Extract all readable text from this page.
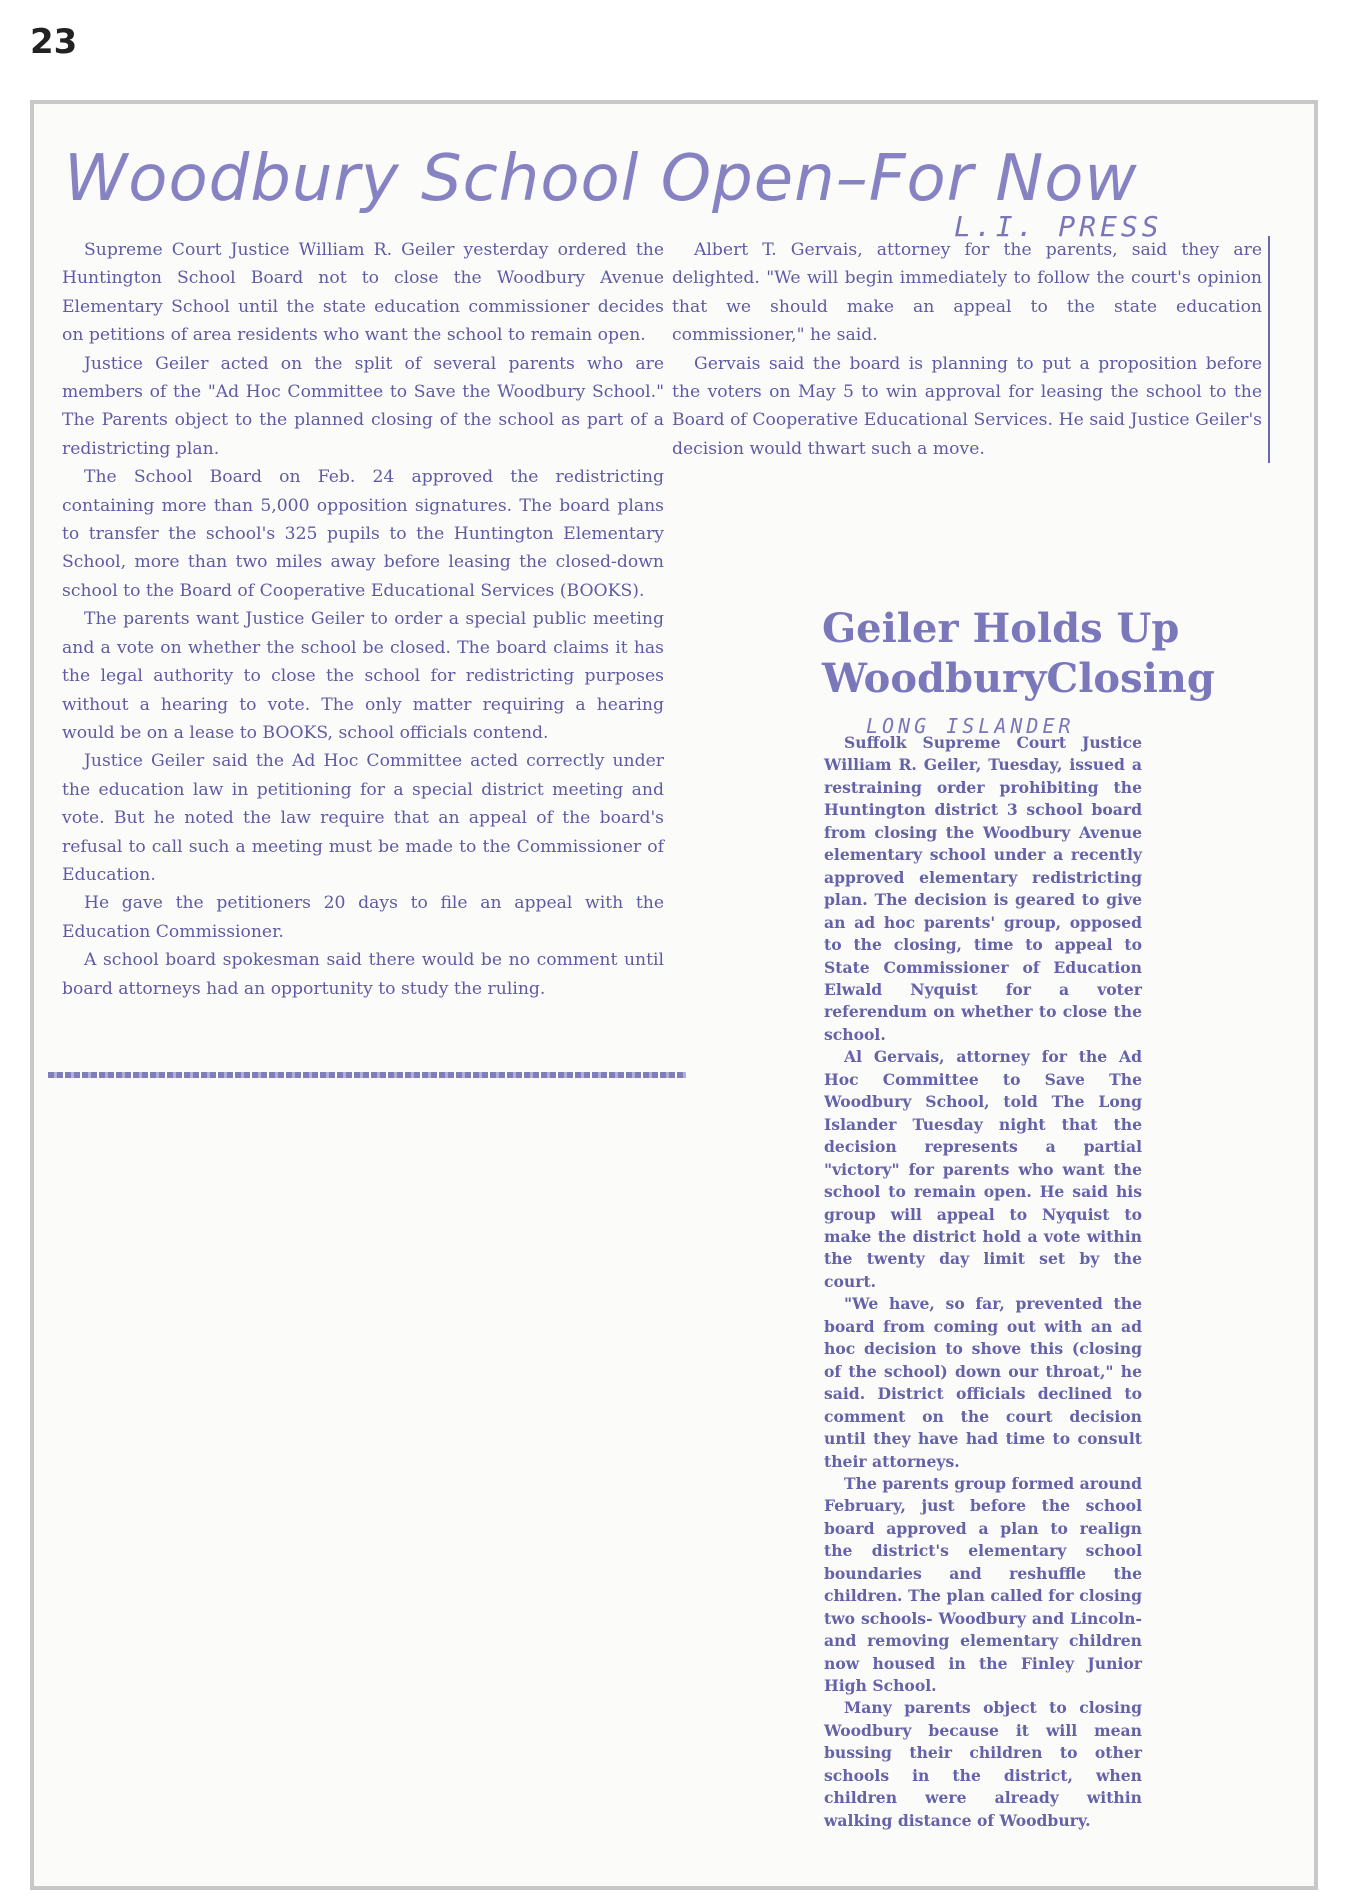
23
Woodbury School Open–For Now
L.I. PRESS

Supreme Court Justice William R. Geiler yesterday ordered the Huntington School Board not to close the Woodbury Avenue Elementary School until the state education commissioner decides on petitions of area residents who want the school to remain open.

Justice Geiler acted on the split of several parents who are members of the "Ad Hoc Committee to Save the Woodbury School." The Parents object to the planned closing of the school as part of a redistricting plan.

The School Board on Feb. 24 approved the redistricting containing more than 5,000 opposition signatures. The board plans to transfer the school's 325 pupils to the Huntington Elementary School, more than two miles away before leasing the closed-down school to the Board of Cooperative Educational Services (BOOKS).

The parents want Justice Geiler to order a special public meeting and a vote on whether the school be closed. The board claims it has the legal authority to close the school for redistricting purposes without a hearing to vote. The only matter requiring a hearing would be on a lease to BOOKS, school officials contend.

Justice Geiler said the Ad Hoc Committee acted correctly under the education law in petitioning for a special district meeting and vote. But he noted the law require that an appeal of the board's refusal to call such a meeting must be made to the Commissioner of Education.

He gave the petitioners 20 days to file an appeal with the Education Commissioner.

A school board spokesman said there would be no comment until board attorneys had an opportunity to study the ruling.

Albert T. Gervais, attorney for the parents, said they are delighted. "We will begin immediately to follow the court's opinion that we should make an appeal to the state education commissioner," he said.

Gervais said the board is planning to put a proposition before the voters on May 5 to win approval for leasing the school to the Board of Cooperative Educational Services. He said Justice Geiler's decision would thwart such a move.

Geiler Holds Up
WoodburyClosing
LONG ISLANDER

Suffolk Supreme Court Justice William R. Geiler, Tuesday, issued a restraining order prohibiting the Huntington district 3 school board from closing the Woodbury Avenue elementary school under a recently approved elementary redistricting plan. The decision is geared to give an ad hoc parents' group, opposed to the closing, time to appeal to State Commissioner of Education Elwald Nyquist for a voter referendum on whether to close the school.

Al Gervais, attorney for the Ad Hoc Committee to Save The Woodbury School, told The Long Islander Tuesday night that the decision represents a partial "victory" for parents who want the school to remain open. He said his group will appeal to Nyquist to make the district hold a vote within the twenty day limit set by the court.

"We have, so far, prevented the board from coming out with an ad hoc decision to shove this (closing of the school) down our throat," he said. District officials declined to comment on the court decision until they have had time to consult their attorneys.

The parents group formed around February, just before the school board approved a plan to realign the district's elementary school boundaries and reshuffle the children. The plan called for closing two schools- Woodbury and Lincoln- and removing elementary children now housed in the Finley Junior High School.

Many parents object to closing Woodbury because it will mean bussing their children to other schools in the district, when children were already within walking distance of Woodbury.
